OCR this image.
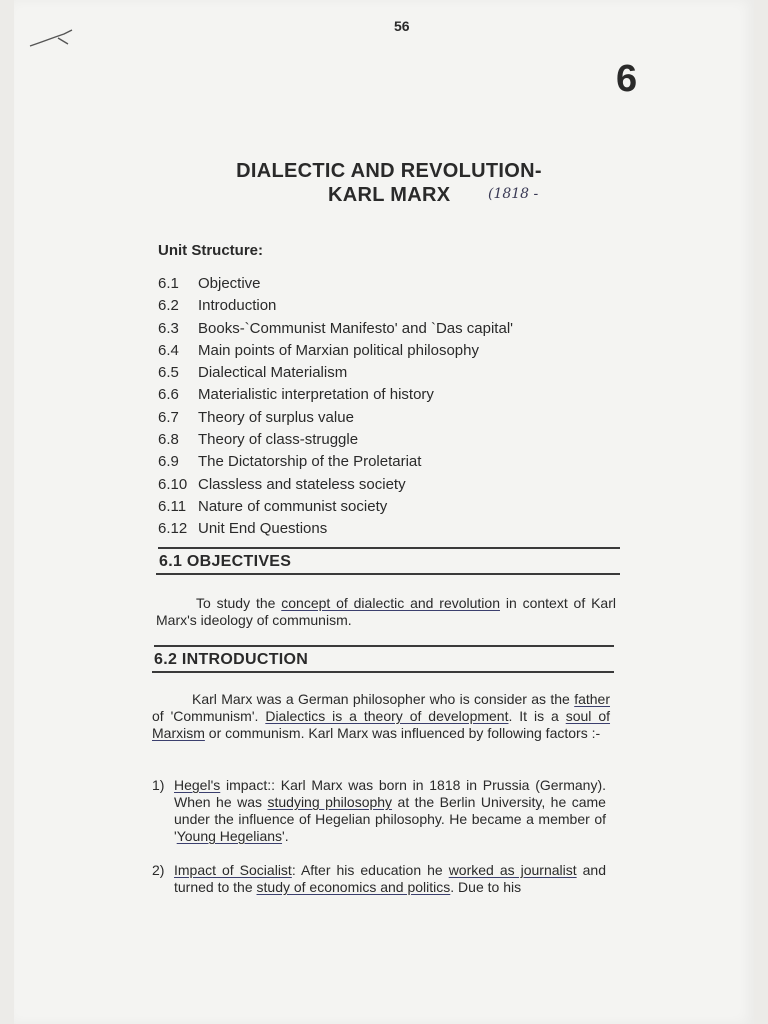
56
6
DIALECTIC AND REVOLUTION-
KARL MARX	(1818 -
Unit Structure:
6.1	Objective
6.2	Introduction
6.3	Books-`Communist Manifesto' and `Das capital'
6.4	Main points of Marxian political philosophy
6.5	Dialectical Materialism
6.6	Materialistic interpretation of history
6.7	Theory of surplus value
6.8	Theory of class-struggle
6.9	The Dictatorship of the Proletariat
6.10 Classless and stateless society
6.11 Nature of communist society
6.12 Unit End Questions
6.1 OBJECTIVES

To study the concept of dialectic and revolution in context of Karl Marx's ideology of communism.

6.2 INTRODUCTION

Karl Marx was a German philosopher who is consider as the father of 'Communism'. Dialectics is a theory of development. It is a soul of Marxism or communism. Karl Marx was influenced by following factors :-

1) Hegel's impact:: Karl Marx was born in 1818 in Prussia (Germany). When he was studying philosophy at the Berlin University, he came under the influence of Hegelian philosophy. He became a member of 'Young Hegelians'.
2) Impact of Socialist: After his education he worked as journalist and turned to the study of economics and politics. Due to his
